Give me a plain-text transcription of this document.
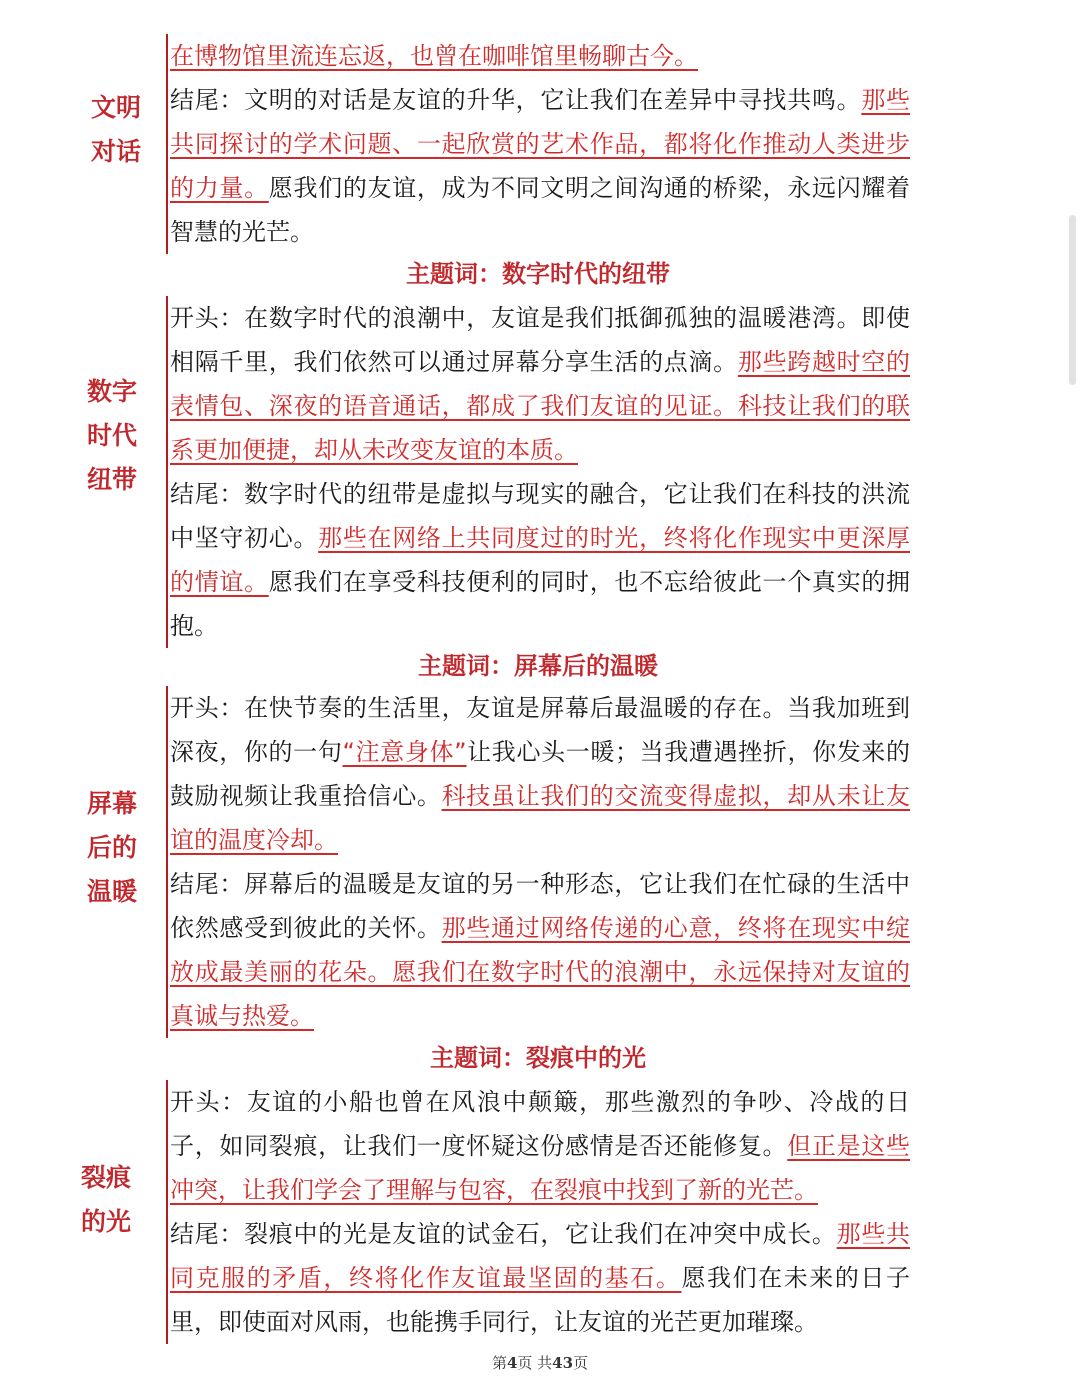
文明
对话

在博物馆里流连忘返，也曾在咖啡馆里畅聊古今。

结尾：文明的对话是友谊的升华，它让我们在差异中寻找共鸣。那些共同探讨的学术问题、一起欣赏的艺术作品，都将化作推动人类进步的力量。愿我们的友谊，成为不同文明之间沟通的桥梁，永远闪耀着智慧的光芒。

主题词：数字时代的纽带
数字
时代
纽带

开头：在数字时代的浪潮中，友谊是我们抵御孤独的温暖港湾。即使相隔千里，我们依然可以通过屏幕分享生活的点滴。那些跨越时空的表情包、深夜的语音通话，都成了我们友谊的见证。科技让我们的联系更加便捷，却从未改变友谊的本质。

结尾：数字时代的纽带是虚拟与现实的融合，它让我们在科技的洪流中坚守初心。那些在网络上共同度过的时光，终将化作现实中更深厚的情谊。愿我们在享受科技便利的同时，也不忘给彼此一个真实的拥抱。

主题词：屏幕后的温暖
屏幕
后的
温暖

开头：在快节奏的生活里，友谊是屏幕后最温暖的存在。当我加班到深夜，你的一句“注意身体”让我心头一暖；当我遭遇挫折，你发来的鼓励视频让我重拾信心。科技虽让我们的交流变得虚拟，却从未让友谊的温度冷却。

结尾：屏幕后的温暖是友谊的另一种形态，它让我们在忙碌的生活中依然感受到彼此的关怀。那些通过网络传递的心意，终将在现实中绽放成最美丽的花朵。愿我们在数字时代的浪潮中，永远保持对友谊的真诚与热爱。

主题词：裂痕中的光
裂痕
的光

开头：友谊的小船也曾在风浪中颠簸，那些激烈的争吵、冷战的日子，如同裂痕，让我们一度怀疑这份感情是否还能修复。但正是这些冲突，让我们学会了理解与包容，在裂痕中找到了新的光芒。

结尾：裂痕中的光是友谊的试金石，它让我们在冲突中成长。那些共同克服的矛盾，终将化作友谊最坚固的基石。愿我们在未来的日子里，即使面对风雨，也能携手同行，让友谊的光芒更加璀璨。

第4页 共43页
